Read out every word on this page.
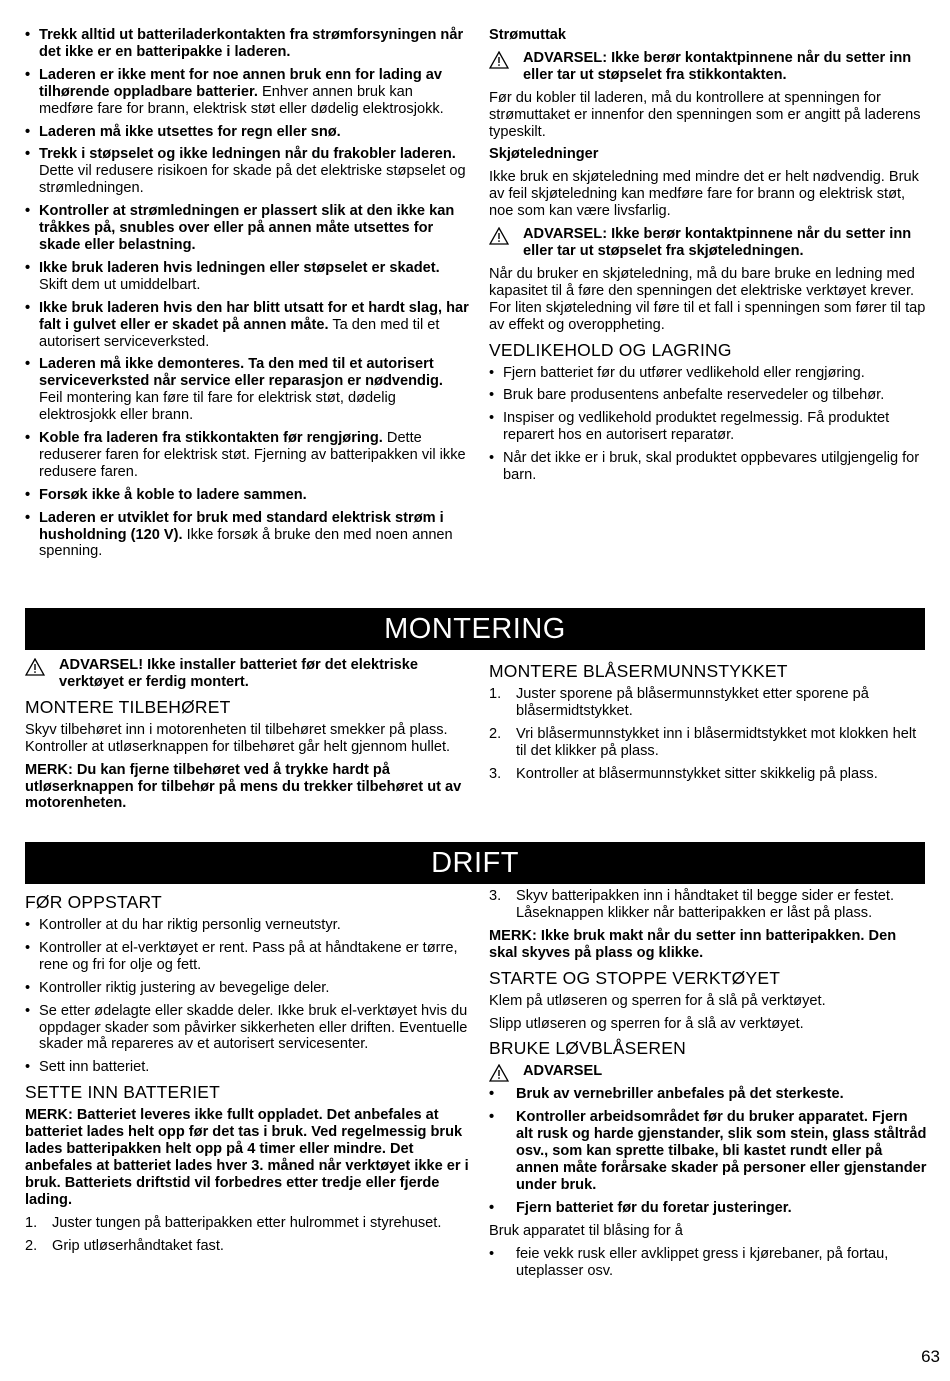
• Trekk alltid ut batteriladerkontakten fra strømforsyningen når det ikke er en batteripakke i laderen.
• Laderen er ikke ment for noe annen bruk enn for lading av tilhørende oppladbare batterier. Enhver annen bruk kan medføre fare for brann, elektrisk støt eller dødelig elektrosjokk.
• Laderen må ikke utsettes for regn eller snø.
• Trekk i støpselet og ikke ledningen når du frakobler laderen. Dette vil redusere risikoen for skade på det elektriske støpselet og strømledningen.
• Kontroller at strømledningen er plassert slik at den ikke kan tråkkes på, snubles over eller på annen måte utsettes for skade eller belastning.
• Ikke bruk laderen hvis ledningen eller støpselet er skadet. Skift dem ut umiddelbart.
• Ikke bruk laderen hvis den har blitt utsatt for et hardt slag, har falt i gulvet eller er skadet på annen måte. Ta den med til et autorisert serviceverksted.
• Laderen må ikke demonteres. Ta den med til et autorisert serviceverksted når service eller reparasjon er nødvendig. Feil montering kan føre til fare for elektrisk støt, dødelig elektrosjokk eller brann.
• Koble fra laderen fra stikkontakten før rengjøring. Dette reduserer faren for elektrisk støt. Fjerning av batteripakken vil ikke redusere faren.
• Forsøk ikke å koble to ladere sammen.
• Laderen er utviklet for bruk med standard elektrisk strøm i husholdning (120 V). Ikke forsøk å bruke den med noen annen spenning.
Strømuttak
ADVARSEL: Ikke berør kontaktpinnene når du setter inn eller tar ut støpselet fra stikkontakten.

Før du kobler til laderen, må du kontrollere at spenningen for strømuttaket er innenfor den spenningen som er angitt på laderens typeskilt.

Skjøteledninger

Ikke bruk en skjøteledning med mindre det er helt nødvendig. Bruk av feil skjøteledning kan medføre fare for brann og elektrisk støt, noe som kan være livsfarlig.

ADVARSEL: Ikke berør kontaktpinnene når du setter inn eller tar ut støpselet fra skjøteledningen.

Når du bruker en skjøteledning, må du bare bruke en ledning med kapasitet til å føre den spenningen det elektriske verktøyet krever. For liten skjøteledning vil føre til et fall i spenningen som fører til tap av effekt og overoppheting.

VEDLIKEHOLD OG LAGRING
• Fjern batteriet før du utfører vedlikehold eller rengjøring.
• Bruk bare produsentens anbefalte reservedeler og tilbehør.
• Inspiser og vedlikehold produktet regelmessig. Få produktet reparert hos en autorisert reparatør.
• Når det ikke er i bruk, skal produktet oppbevares utilgjengelig for barn.
MONTERING
ADVARSEL! Ikke installer batteriet før det elektriske verktøyet er ferdig montert.
MONTERE TILBEHØRET

Skyv tilbehøret inn i motorenheten til tilbehøret smekker på plass. Kontroller at utløserknappen for tilbehøret går helt gjennom hullet.

MERK: Du kan fjerne tilbehøret ved å trykke hardt på utløserknappen for tilbehør på mens du trekker tilbehøret ut av motorenheten.

MONTERE BLÅSERMUNNSTYKKET
1. Juster sporene på blåsermunnstykket etter sporene på blåsermidtstykket.
2. Vri blåsermunnstykket inn i blåsermidtstykket mot klokken helt til det klikker på plass.
3. Kontroller at blåsermunnstykket sitter skikkelig på plass.
DRIFT
FØR OPPSTART
• Kontroller at du har riktig personlig verneutstyr.
• Kontroller at el-verktøyet er rent. Pass på at håndtakene er tørre, rene og fri for olje og fett.
• Kontroller riktig justering av bevegelige deler.
• Se etter ødelagte eller skadde deler. Ikke bruk el-verktøyet hvis du oppdager skader som påvirker sikkerheten eller driften. Eventuelle skader må repareres av et autorisert servicesenter.
• Sett inn batteriet.
SETTE INN BATTERIET

MERK: Batteriet leveres ikke fullt oppladet. Det anbefales at batteriet lades helt opp før det tas i bruk. Ved regelmessig bruk lades batteripakken helt opp på 4 timer eller mindre. Det anbefales at batteriet lades hver 3. måned når verktøyet ikke er i bruk. Batteriets driftstid vil forbedres etter tredje eller fjerde lading.

1. Juster tungen på batteripakken etter hulrommet i styrehuset.
2. Grip utløserhåndtaket fast.
3. Skyv batteripakken inn i håndtaket til begge sider er festet. Låseknappen klikker når batteripakken er låst på plass.

MERK: Ikke bruk makt når du setter inn batteripakken. Den skal skyves på plass og klikke.

STARTE OG STOPPE VERKTØYET

Klem på utløseren og sperren for å slå på verktøyet.

Slipp utløseren og sperren for å slå av verktøyet.

BRUKE LØVBLÅSEREN
ADVARSEL
• Bruk av vernebriller anbefales på det sterkeste.
• Kontroller arbeidsområdet før du bruker apparatet. Fjern alt rusk og harde gjenstander, slik som stein, glass ståltråd osv., som kan sprette tilbake, bli kastet rundt eller på annen måte forårsake skader på personer eller gjenstander under bruk.
• Fjern batteriet før du foretar justeringer.

Bruk apparatet til blåsing for å

• feie vekk rusk eller avklippet gress i kjørebaner, på fortau, uteplasser osv.
63
